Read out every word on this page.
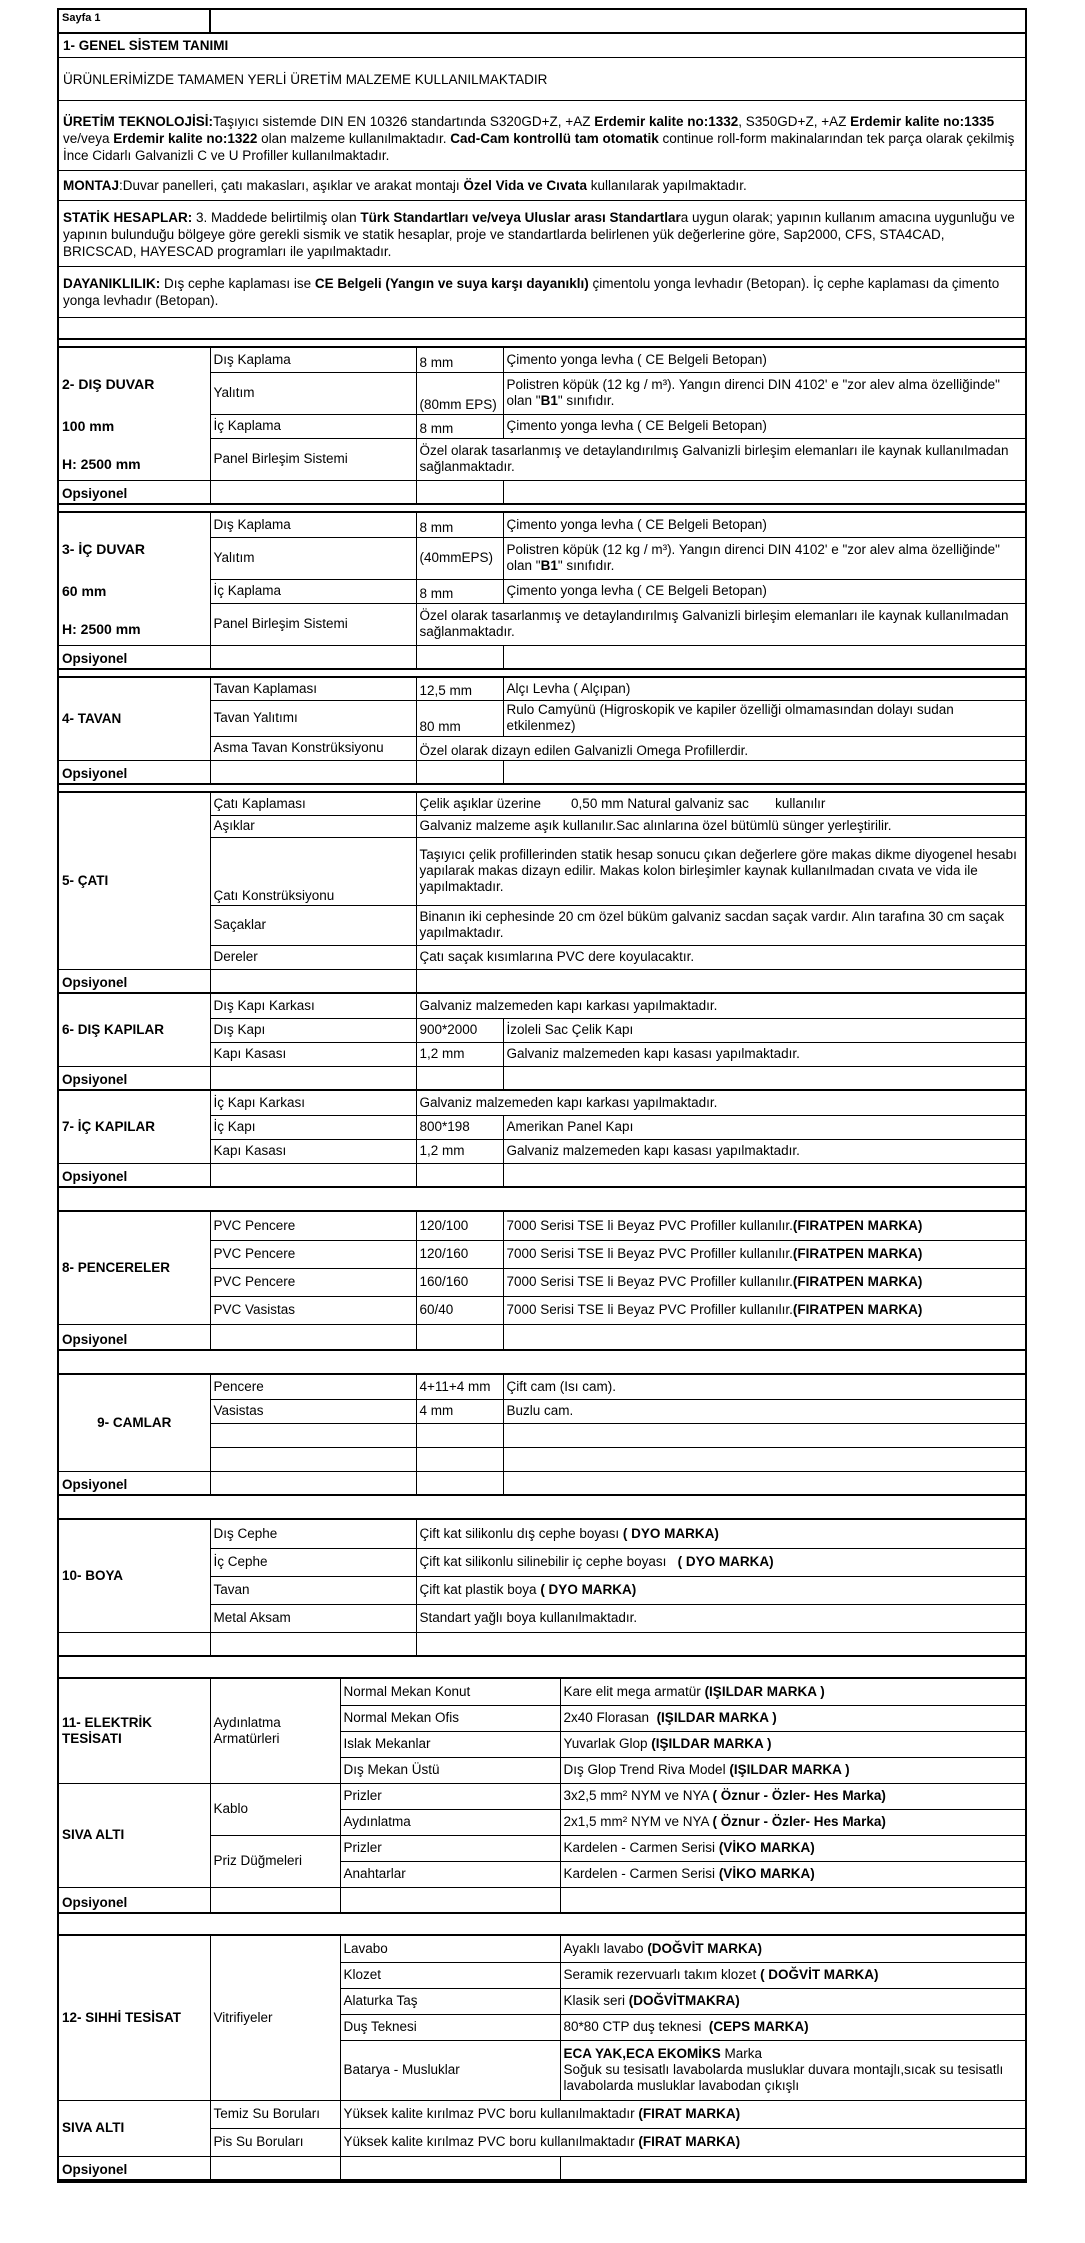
Sayfa 1
1- GENEL SİSTEM TANIMI
ÜRÜNLERİMİZDE TAMAMEN YERLİ ÜRETİM MALZEME KULLANILMAKTADIR
ÜRETİM TEKNOLOJİSİ:Taşıyıcı sistemde DIN EN 10326 standartında S320GD+Z, +AZ Erdemir kalite no:1332, S350GD+Z, +AZ Erdemir kalite no:1335 ve/veya Erdemir kalite no:1322 olan malzeme kullanılmaktadır. Cad-Cam kontrollü tam otomatik continue roll-form makinalarından tek parça olarak çekilmiş İnce Cidarlı Galvanizli C ve U Profiller kullanılmaktadır.
MONTAJ:Duvar panelleri, çatı makasları, aşıklar ve arakat montajı Özel Vida ve Cıvata kullanılarak yapılmaktadır.
STATİK HESAPLAR: 3. Maddede belirtilmiş olan Türk Standartları ve/veya Uluslar arası Standartlara uygun olarak; yapının kullanım amacına uygunluğu ve yapının bulunduğu bölgeye göre gerekli sismik ve statik hesaplar, proje ve standartlarda belirlenen yük değerlerine göre, Sap2000, CFS, STA4CAD, BRICSCAD, HAYESCAD programları ile yapılmaktadır.
DAYANIKLILIK: Dış cephe kaplaması ise CE Belgeli (Yangın ve suya karşı dayanıklı) çimentolu yonga levhadır (Betopan). İç cephe kaplaması da çimento yonga levhadır (Betopan).
2- DIŞ DUVAR
100 mm
H: 2500 mm	Dış Kaplama	8 mm	Çimento yonga levha ( CE Belgeli Betopan)
	Yalıtım	(80mm EPS)	Polistren köpük (12 kg / m³). Yangın direnci DIN 4102' e "zor alev alma özelliğinde" olan "B1" sınıfıdır.
	İç Kaplama	8 mm	Çimento yonga levha ( CE Belgeli Betopan)
	Panel Birleşim Sistemi	Özel olarak tasarlanmış ve detaylandırılmış Galvanizli birleşim elemanları ile kaynak kullanılmadan sağlanmaktadır.	
Opsiyonel			
3- İÇ DUVAR
60 mm
H: 2500 mm	Dış Kaplama	8 mm	Çimento yonga levha ( CE Belgeli Betopan)
	Yalıtım	(40mmEPS)	Polistren köpük (12 kg / m³). Yangın direnci DIN 4102' e "zor alev alma özelliğinde" olan "B1" sınıfıdır.
	İç Kaplama	8 mm	Çimento yonga levha ( CE Belgeli Betopan)
	Panel Birleşim Sistemi	Özel olarak tasarlanmış ve detaylandırılmış Galvanizli birleşim elemanları ile kaynak kullanılmadan sağlanmaktadır.	
Opsiyonel			
4- TAVAN	Tavan Kaplaması	12,5 mm	Alçı Levha ( Alçıpan)
	Tavan Yalıtımı	80 mm	Rulo Camyünü (Higroskopik ve kapiler özelliği olmamasından dolayı sudan etkilenmez)
	Asma Tavan Konstrüksiyonu	Özel olarak dizayn edilen Galvanizli Omega Profillerdir.	
Opsiyonel			
5- ÇATI	Çatı Kaplaması	Çelik aşıklar üzerine        0,50 mm Natural galvaniz sac       kullanılır
	Aşıklar	Galvaniz malzeme aşık kullanılır.Sac alınlarına özel bütümlü sünger yerleştirilir.
	Çatı Konstrüksiyonu	Taşıyıcı çelik profillerinden statik hesap sonucu çıkan değerlere göre makas dikme diyogenel hesabı yapılarak makas dizayn edilir. Makas kolon birleşimler kaynak kullanılmadan cıvata ve vida ile yapılmaktadır.
	Saçaklar	Binanın iki cephesinde 20 cm özel büküm galvaniz sacdan saçak vardır. Alın tarafına 30 cm saçak yapılmaktadır.
	Dereler	Çatı saçak kısımlarına PVC dere koyulacaktır.
Opsiyonel		
6- DIŞ KAPILAR	Dış Kapı Karkası	Galvaniz malzemeden kapı karkası yapılmaktadır.	
	Dış Kapı	900*2000	İzoleli Sac Çelik Kapı
	Kapı Kasası	1,2 mm	Galvaniz malzemeden kapı kasası yapılmaktadır.
Opsiyonel			
7- İÇ KAPILAR	İç Kapı Karkası	Galvaniz malzemeden kapı karkası yapılmaktadır.	
	İç Kapı	800*198	Amerikan Panel Kapı
	Kapı Kasası	1,2 mm	Galvaniz malzemeden kapı kasası yapılmaktadır.
Opsiyonel			
8- PENCERELER	PVC Pencere	120/100	7000 Serisi TSE li Beyaz PVC Profiller kullanılır.(FIRATPEN MARKA)
	PVC Pencere	120/160	7000 Serisi TSE li Beyaz PVC Profiller kullanılır.(FIRATPEN MARKA)
	PVC Pencere	160/160	7000 Serisi TSE li Beyaz PVC Profiller kullanılır.(FIRATPEN MARKA)
	PVC Vasistas	60/40	7000 Serisi TSE li Beyaz PVC Profiller kullanılır.(FIRATPEN MARKA)
Opsiyonel			
9- CAMLAR	Pencere	4+11+4 mm	Çift cam (Isı cam).
	Vasistas	4 mm	Buzlu cam.

Opsiyonel			
10- BOYA	Dış Cephe	Çift kat silikonlu dış cephe boyası ( DYO MARKA)
	İç Cephe	Çift kat silikonlu silinebilir iç cephe boyası   ( DYO MARKA)
	Tavan	Çift kat plastik boya ( DYO MARKA)
	Metal Aksam	Standart yağlı boya kullanılmaktadır.

11- ELEKTRİK TESİSATI	Aydınlatma Armatürleri	Normal Mekan Konut	Kare elit mega armatür (IŞILDAR MARKA )
		Normal Mekan Ofis	2x40 Florasan  (IŞILDAR MARKA )
		Islak Mekanlar	Yuvarlak Glop (IŞILDAR MARKA )
		Dış Mekan Üstü	Dış Glop Trend Riva Model (IŞILDAR MARKA )
SIVA ALTI	Kablo	Prizler	3x2,5 mm² NYM ve NYA ( Öznur - Özler- Hes Marka)
		Aydınlatma	2x1,5 mm² NYM ve NYA ( Öznur - Özler- Hes Marka)
	Priz Düğmeleri	Prizler	Kardelen - Carmen Serisi (VİKO MARKA)
		Anahtarlar	Kardelen - Carmen Serisi (VİKO MARKA)
Opsiyonel			
12- SIHHİ TESİSAT	Vitrifiyeler	Lavabo	Ayaklı lavabo (DOĞVİT MARKA)
		Klozet	Seramik rezervuarlı takım klozet ( DOĞVİT MARKA)
		Alaturka Taş	Klasik seri (DOĞVİTMAKRA)
		Duş Teknesi	80*80 CTP duş teknesi  (CEPS MARKA)
		Batarya - Musluklar	ECA YAK,ECA EKOMİKS Marka
Soğuk su tesisatlı lavabolarda musluklar duvara montajlı,sıcak su tesisatlı lavabolarda musluklar lavabodan çıkışlı
SIVA ALTI	Temiz Su Boruları	Yüksek kalite kırılmaz PVC boru kullanılmaktadır (FIRAT MARKA)	
	Pis Su Boruları	Yüksek kalite kırılmaz PVC boru kullanılmaktadır (FIRAT MARKA)	
Opsiyonel			
